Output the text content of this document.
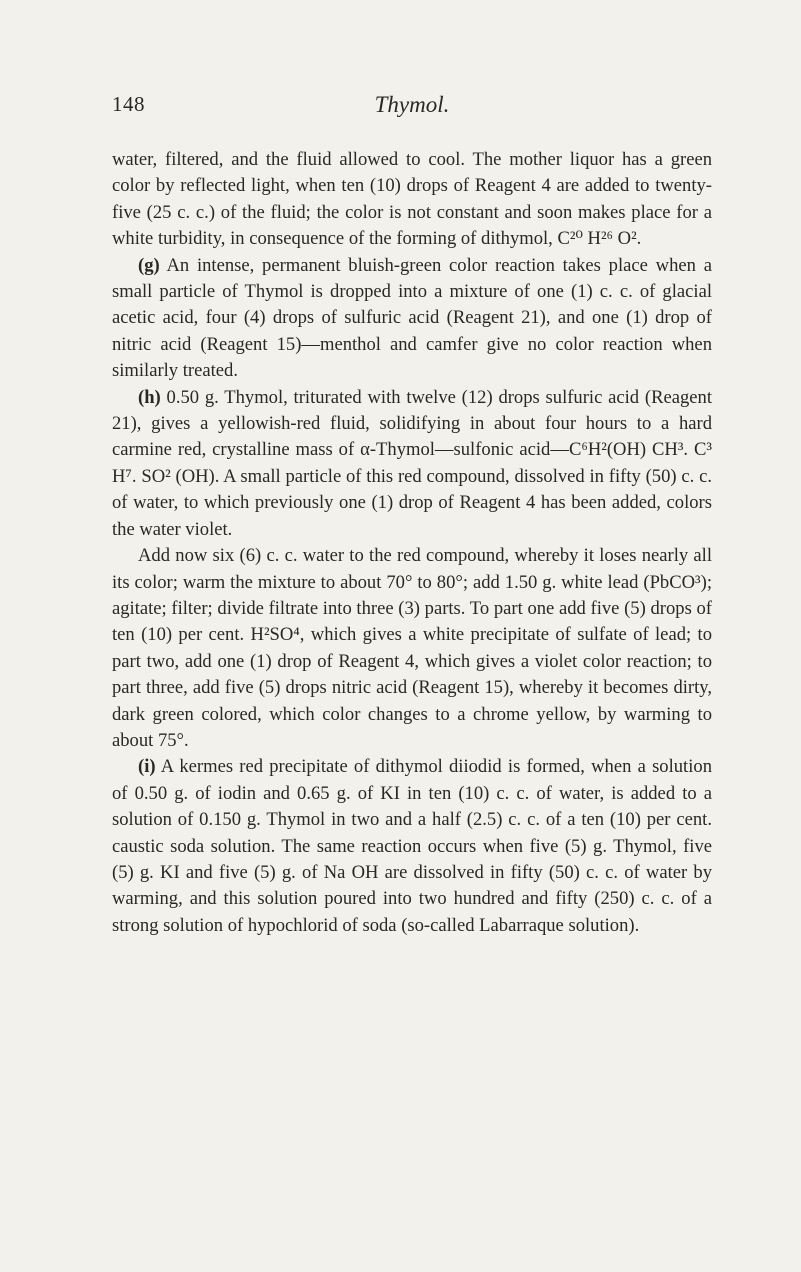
148	Thymol.

water, filtered, and the fluid allowed to cool. The mother liquor has a green color by reflected light, when ten (10) drops of Reagent 4 are added to twenty-five (25 c. c.) of the fluid; the color is not constant and soon makes place for a white turbidity, in consequence of the forming of dithymol, C²⁰ H²⁶ O².

(g) An intense, permanent bluish-green color reaction takes place when a small particle of Thymol is dropped into a mixture of one (1) c. c. of glacial acetic acid, four (4) drops of sulfuric acid (Reagent 21), and one (1) drop of nitric acid (Reagent 15)—menthol and camfer give no color reaction when similarly treated.

(h) 0.50 g. Thymol, triturated with twelve (12) drops sulfuric acid (Reagent 21), gives a yellowish-red fluid, solidifying in about four hours to a hard carmine red, crystalline mass of α-Thymol—sulfonic acid—C⁶H²(OH) CH³. C³ H⁷. SO² (OH). A small particle of this red compound, dissolved in fifty (50) c. c. of water, to which previously one (1) drop of Reagent 4 has been added, colors the water violet.

Add now six (6) c. c. water to the red compound, whereby it loses nearly all its color; warm the mixture to about 70° to 80°; add 1.50 g. white lead (PbCO³); agitate; filter; divide filtrate into three (3) parts. To part one add five (5) drops of ten (10) per cent. H²SO⁴, which gives a white precipitate of sulfate of lead; to part two, add one (1) drop of Reagent 4, which gives a violet color reaction; to part three, add five (5) drops nitric acid (Reagent 15), whereby it becomes dirty, dark green colored, which color changes to a chrome yellow, by warming to about 75°.

(i) A kermes red precipitate of dithymol diiodid is formed, when a solution of 0.50 g. of iodin and 0.65 g. of KI in ten (10) c. c. of water, is added to a solution of 0.150 g. Thymol in two and a half (2.5) c. c. of a ten (10) per cent. caustic soda solution. The same reaction occurs when five (5) g. Thymol, five (5) g. KI and five (5) g. of Na OH are dissolved in fifty (50) c. c. of water by warming, and this solution poured into two hundred and fifty (250) c. c. of a strong solution of hypochlorid of soda (so-called Labarraque solution).
